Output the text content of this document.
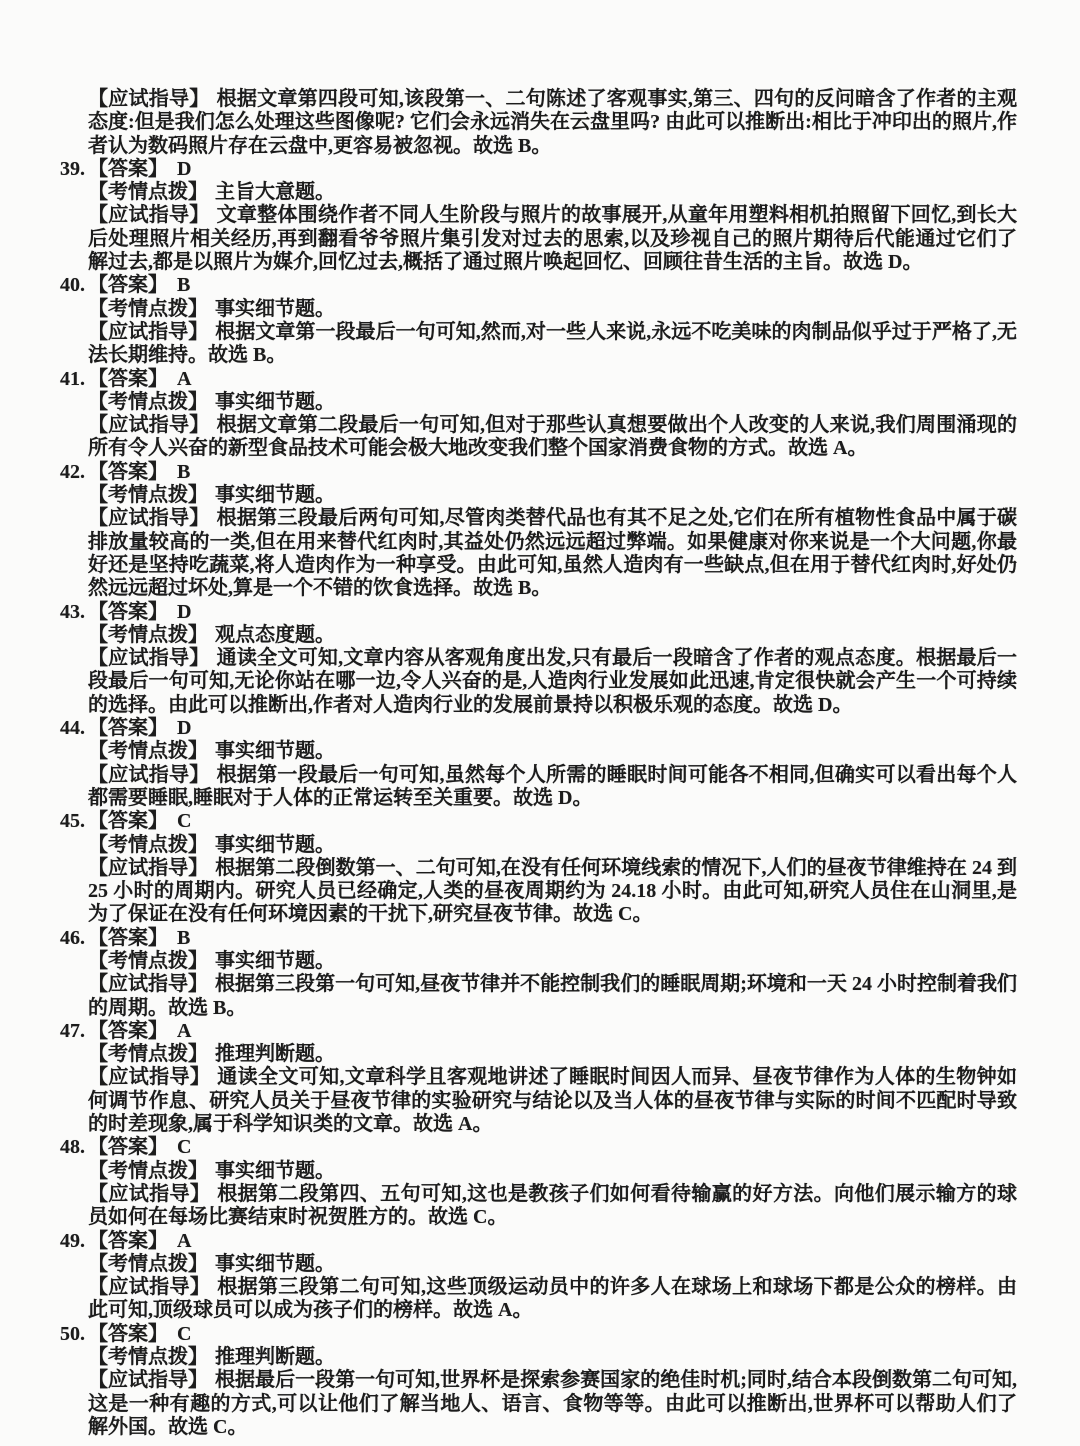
【应试指导】 根据文章第四段可知,该段第一、二句陈述了客观事实,第三、四句的反问暗含了作者的主观态度:但是我们怎么处理这些图像呢? 它们会永远消失在云盘里吗? 由此可以推断出:相比于冲印出的照片,作者认为数码照片存在云盘中,更容易被忽视。故选 B。

39. 【答案】 D

【考情点拨】 主旨大意题。

【应试指导】 文章整体围绕作者不同人生阶段与照片的故事展开,从童年用塑料相机拍照留下回忆,到长大后处理照片相关经历,再到翻看爷爷照片集引发对过去的思索,以及珍视自己的照片期待后代能通过它们了解过去,都是以照片为媒介,回忆过去,概括了通过照片唤起回忆、回顾往昔生活的主旨。故选 D。

40. 【答案】 B

【考情点拨】 事实细节题。

【应试指导】 根据文章第一段最后一句可知,然而,对一些人来说,永远不吃美味的肉制品似乎过于严格了,无法长期维持。故选 B。

41. 【答案】 A

【考情点拨】 事实细节题。

【应试指导】 根据文章第二段最后一句可知,但对于那些认真想要做出个人改变的人来说,我们周围涌现的所有令人兴奋的新型食品技术可能会极大地改变我们整个国家消费食物的方式。故选 A。

42. 【答案】 B

【考情点拨】 事实细节题。

【应试指导】 根据第三段最后两句可知,尽管肉类替代品也有其不足之处,它们在所有植物性食品中属于碳排放量较高的一类,但在用来替代红肉时,其益处仍然远远超过弊端。如果健康对你来说是一个大问题,你最好还是坚持吃蔬菜,将人造肉作为一种享受。由此可知,虽然人造肉有一些缺点,但在用于替代红肉时,好处仍然远远超过坏处,算是一个不错的饮食选择。故选 B。

43. 【答案】 D

【考情点拨】 观点态度题。

【应试指导】 通读全文可知,文章内容从客观角度出发,只有最后一段暗含了作者的观点态度。根据最后一段最后一句可知,无论你站在哪一边,令人兴奋的是,人造肉行业发展如此迅速,肯定很快就会产生一个可持续的选择。由此可以推断出,作者对人造肉行业的发展前景持以积极乐观的态度。故选 D。

44. 【答案】 D

【考情点拨】 事实细节题。

【应试指导】 根据第一段最后一句可知,虽然每个人所需的睡眠时间可能各不相同,但确实可以看出每个人都需要睡眠,睡眠对于人体的正常运转至关重要。故选 D。

45. 【答案】 C

【考情点拨】 事实细节题。

【应试指导】 根据第二段倒数第一、二句可知,在没有任何环境线索的情况下,人们的昼夜节律维持在 24 到 25 小时的周期内。研究人员已经确定,人类的昼夜周期约为 24.18 小时。由此可知,研究人员住在山洞里,是为了保证在没有任何环境因素的干扰下,研究昼夜节律。故选 C。

46. 【答案】 B

【考情点拨】 事实细节题。

【应试指导】 根据第三段第一句可知,昼夜节律并不能控制我们的睡眠周期;环境和一天 24 小时控制着我们的周期。故选 B。

47. 【答案】 A

【考情点拨】 推理判断题。

【应试指导】 通读全文可知,文章科学且客观地讲述了睡眠时间因人而异、昼夜节律作为人体的生物钟如何调节作息、研究人员关于昼夜节律的实验研究与结论以及当人体的昼夜节律与实际的时间不匹配时导致的时差现象,属于科学知识类的文章。故选 A。

48. 【答案】 C

【考情点拨】 事实细节题。

【应试指导】 根据第二段第四、五句可知,这也是教孩子们如何看待输赢的好方法。向他们展示输方的球员如何在每场比赛结束时祝贺胜方的。故选 C。

49. 【答案】 A

【考情点拨】 事实细节题。

【应试指导】 根据第三段第二句可知,这些顶级运动员中的许多人在球场上和球场下都是公众的榜样。由此可知,顶级球员可以成为孩子们的榜样。故选 A。

50. 【答案】 C

【考情点拨】 推理判断题。

【应试指导】 根据最后一段第一句可知,世界杯是探索参赛国家的绝佳时机;同时,结合本段倒数第二句可知,这是一种有趣的方式,可以让他们了解当地人、语言、食物等等。由此可以推断出,世界杯可以帮助人们了解外国。故选 C。
